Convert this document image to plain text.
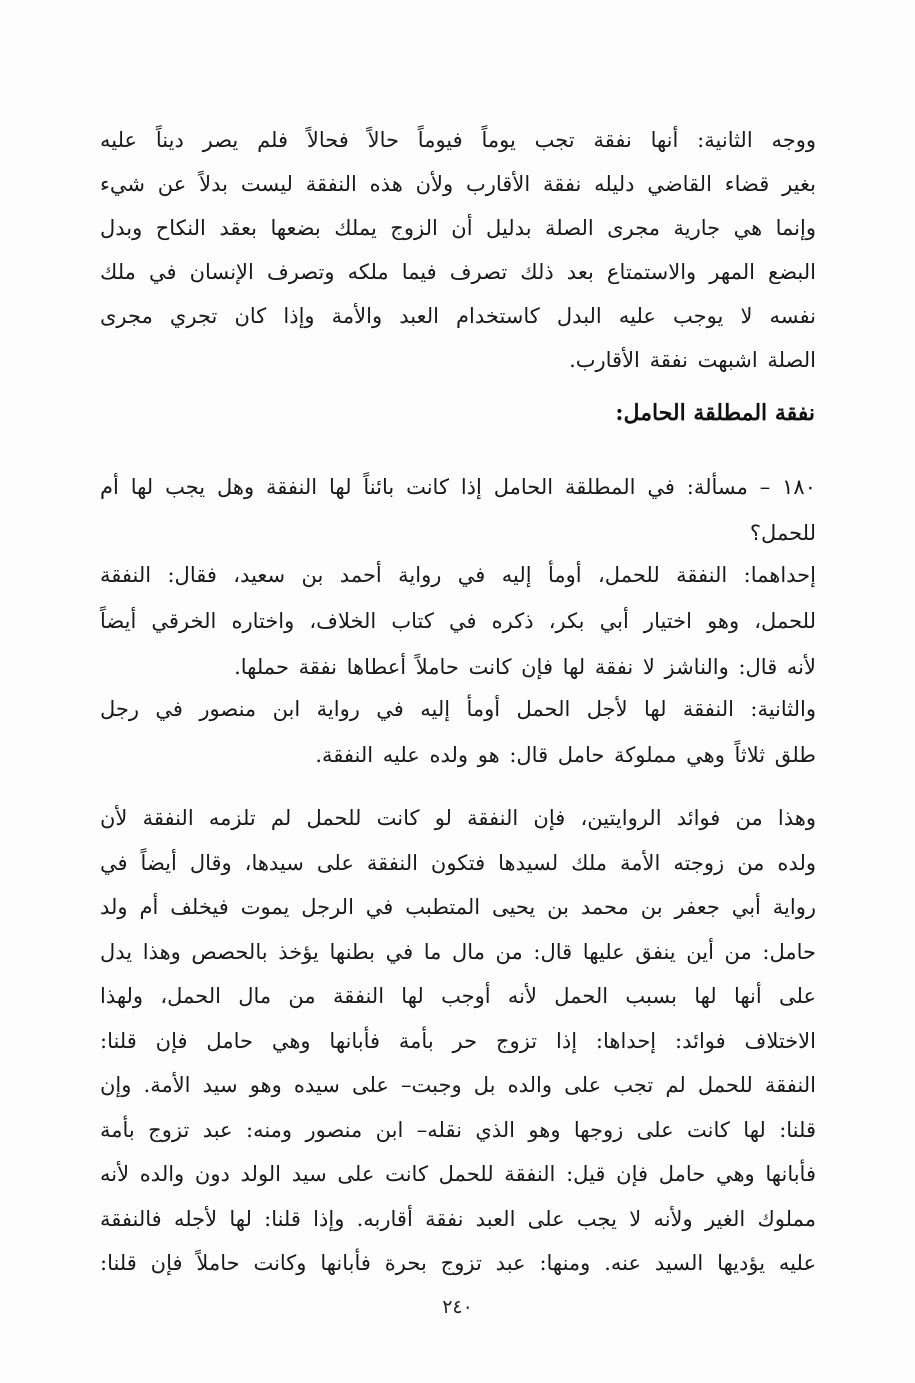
ووجه الثانية: أنها نفقة تجب يوماً فيوماً حالاً فحالاً فلم يصر ديناً عليه
بغير قضاء القاضي دليله نفقة الأقارب ولأن هذه النفقة ليست بدلاً عن شيء
وإنما هي جارية مجرى الصلة بدليل أن الزوج يملك بضعها بعقد النكاح وبدل
البضع المهر والاستمتاع بعد ذلك تصرف فيما ملكه وتصرف الإنسان في ملك
نفسه لا يوجب عليه البدل كاستخدام العبد والأمة وإذا كان تجري مجرى
الصلة اشبهت نفقة الأقارب.
نفقة المطلقة الحامل:
١٨٠ – مسألة: في المطلقة الحامل إذا كانت بائناً لها النفقة وهل يجب لها أم
للحمل؟
إحداهما: النفقة للحمل، أومأ إليه في رواية أحمد بن سعيد، فقال: النفقة
للحمل، وهو اختيار أبي بكر، ذكره في كتاب الخلاف، واختاره الخرقي أيضاً
لأنه قال: والناشز لا نفقة لها فإن كانت حاملاً أعطاها نفقة حملها.
والثانية: النفقة لها لأجل الحمل أومأ إليه في رواية ابن منصور في رجل
طلق ثلاثاً وهي مملوكة حامل قال: هو ولده عليه النفقة.
وهذا من فوائد الروايتين، فإن النفقة لو كانت للحمل لم تلزمه النفقة لأن
ولده من زوجته الأمة ملك لسيدها فتكون النفقة على سيدها، وقال أيضاً في
رواية أبي جعفر بن محمد بن يحيى المتطبب في الرجل يموت فيخلف أم ولد
حامل: من أين ينفق عليها قال: من مال ما في بطنها يؤخذ بالحصص وهذا يدل
على أنها لها بسبب الحمل لأنه أوجب لها النفقة من مال الحمل، ولهذا
الاختلاف فوائد: إحداها: إذا تزوج حر بأمة فأبانها وهي حامل فإن قلنا:
النفقة للحمل لم تجب على والده بل وجبت– على سيده وهو سيد الأمة. وإن
قلنا: لها كانت على زوجها وهو الذي نقله– ابن منصور ومنه: عبد تزوج بأمة
فأبانها وهي حامل فإن قيل: النفقة للحمل كانت على سيد الولد دون والده لأنه
مملوك الغير ولأنه لا يجب على العبد نفقة أقاربه. وإذا قلنا: لها لأجله فالنفقة
عليه يؤديها السيد عنه. ومنها: عبد تزوج بحرة فأبانها وكانت حاملاً فإن قلنا:
٢٤٠
